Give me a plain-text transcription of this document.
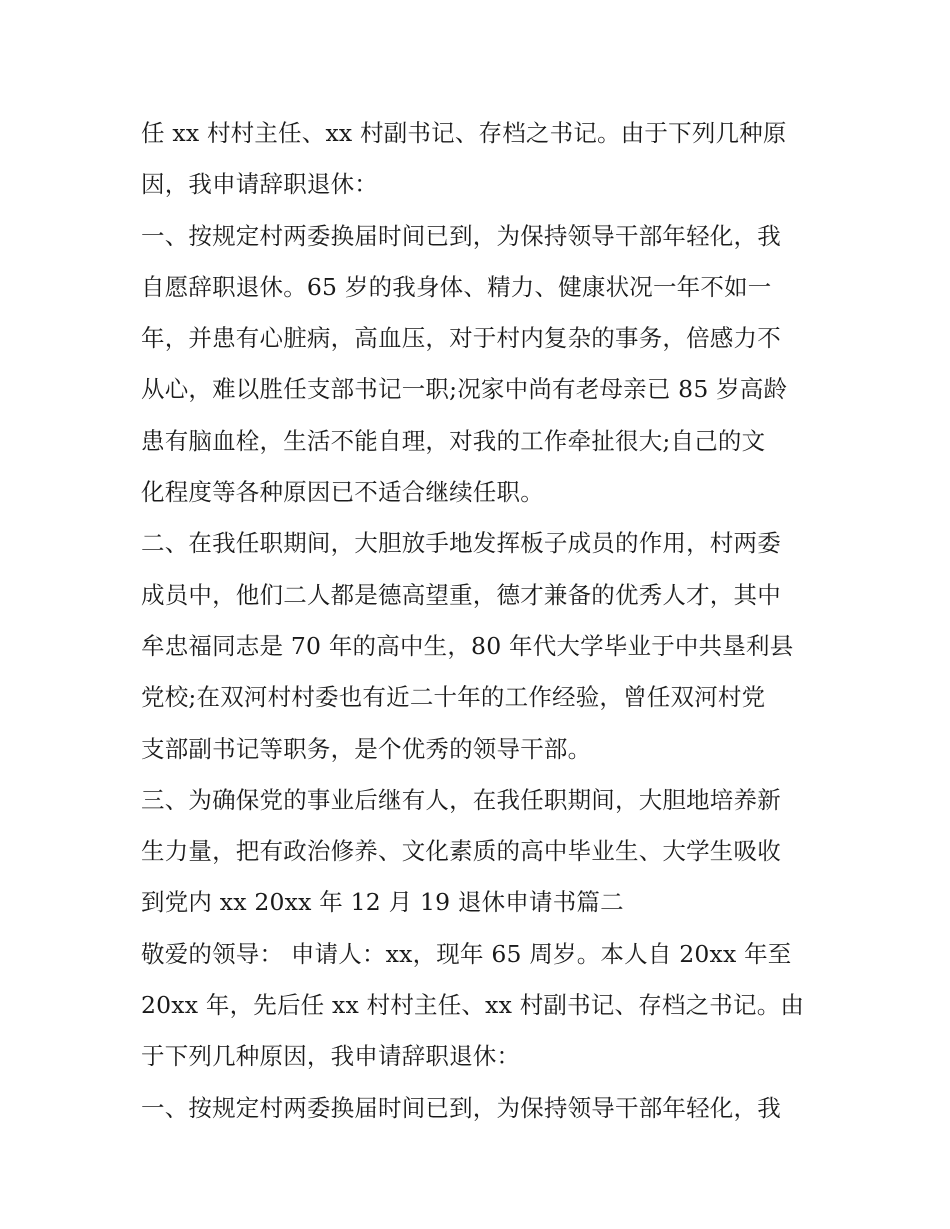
任 xx 村村主任、xx 村副书记、存档之书记。由于下列几种原
因，我申请辞职退休：
一、按规定村两委换届时间已到，为保持领导干部年轻化，我
自愿辞职退休。65 岁的我身体、精力、健康状况一年不如一
年，并患有心脏病，高血压，对于村内复杂的事务，倍感力不
从心，难以胜任支部书记一职;况家中尚有老母亲已 85 岁高龄
患有脑血栓，生活不能自理，对我的工作牵扯很大;自己的文
化程度等各种原因已不适合继续任职。
二、在我任职期间，大胆放手地发挥板子成员的作用，村两委
成员中，他们二人都是德高望重，德才兼备的优秀人才，其中
牟忠福同志是 70 年的高中生，80 年代大学毕业于中共垦利县
党校;在双河村村委也有近二十年的工作经验，曾任双河村党
支部副书记等职务，是个优秀的领导干部。
三、为确保党的事业后继有人，在我任职期间，大胆地培养新
生力量，把有政治修养、文化素质的高中毕业生、大学生吸收
到党内 xx 20xx 年 12 月 19 退休申请书篇二
敬爱的领导： 申请人：xx，现年 65 周岁。本人自 20xx 年至
20xx 年，先后任 xx 村村主任、xx 村副书记、存档之书记。由
于下列几种原因，我申请辞职退休：
一、按规定村两委换届时间已到，为保持领导干部年轻化，我
